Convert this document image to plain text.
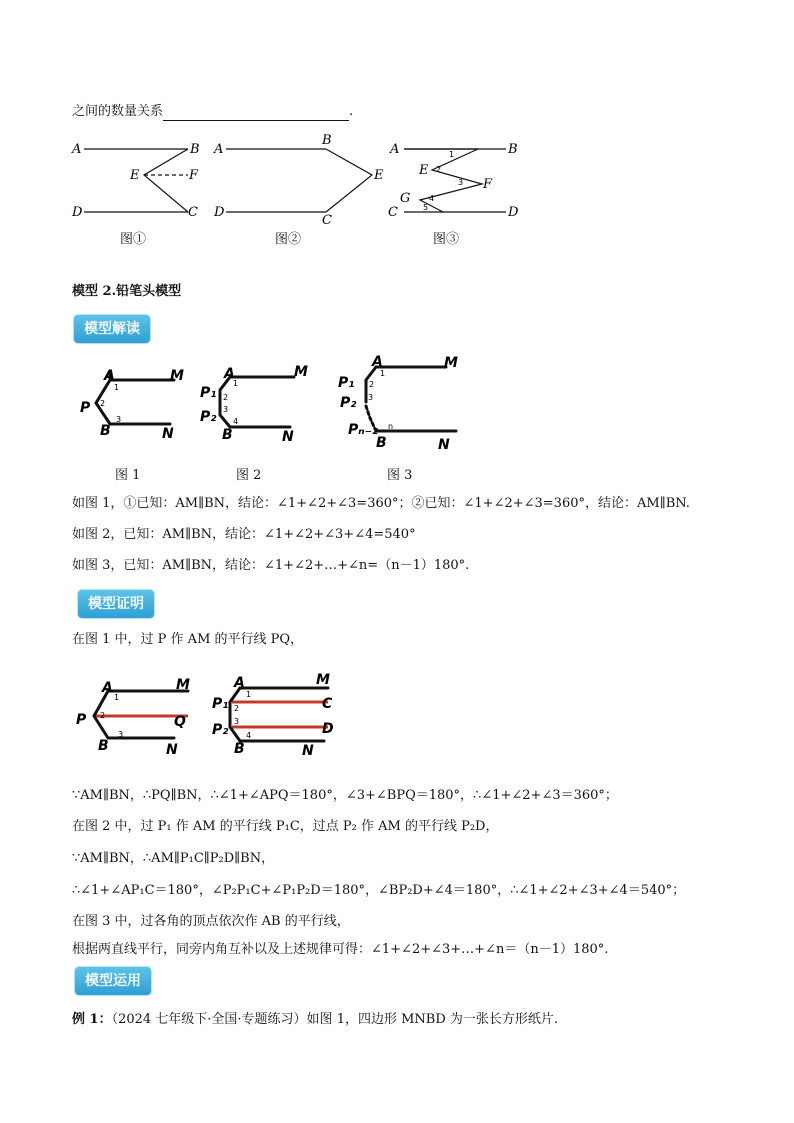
之间的数量关系	.
A	B
E	F
D	C
A
B
E
D
C
A	B
E
F
G
C	D
1
2
3
4
5
图①	图②	图③
模型 2.铅笔头模型
模型解读
A	M
P
B	N
1
2
3
A	M
P₁
P₂
B	N
1
2
3
4
A	M
P₁
P₂
Pₙ₋₂
B	N
1
2
3
n
图 1	图 2	图 3
如图 1，①已知：AM∥BN，结论：∠1+∠2+∠3=360°；②已知：∠1+∠2+∠3=360°，结论：AM∥BN.
如图 2，已知：AM∥BN，结论：∠1+∠2+∠3+∠4=540°
如图 3，已知：AM∥BN，结论：∠1+∠2+…+∠n=（n－1）180°.
模型证明
在图 1 中，过 P 作 AM 的平行线 PQ，
A	M
P	Q
B	N
1
2
3
A	M
P₁	C
P₂	D
B	N
1
2
3
4
∵AM∥BN，∴PQ∥BN，∴∠1+∠APQ＝180°，∠3+∠BPQ＝180°，∴∠1+∠2+∠3＝360°；
在图 2 中，过 P₁ 作 AM 的平行线 P₁C，过点 P₂ 作 AM 的平行线 P₂D，
∵AM∥BN，∴AM∥P₁C∥P₂D∥BN，
∴∠1+∠AP₁C＝180°，∠P₂P₁C+∠P₁P₂D＝180°，∠BP₂D+∠4＝180°，∴∠1+∠2+∠3+∠4＝540°；
在图 3 中，过各角的顶点依次作 AB 的平行线，
根据两直线平行，同旁内角互补以及上述规律可得：∠1+∠2+∠3+…+∠n＝（n－1）180°.
模型运用
例 1：（2024 七年级下·全国·专题练习）如图 1，四边形 MNBD 为一张长方形纸片.
